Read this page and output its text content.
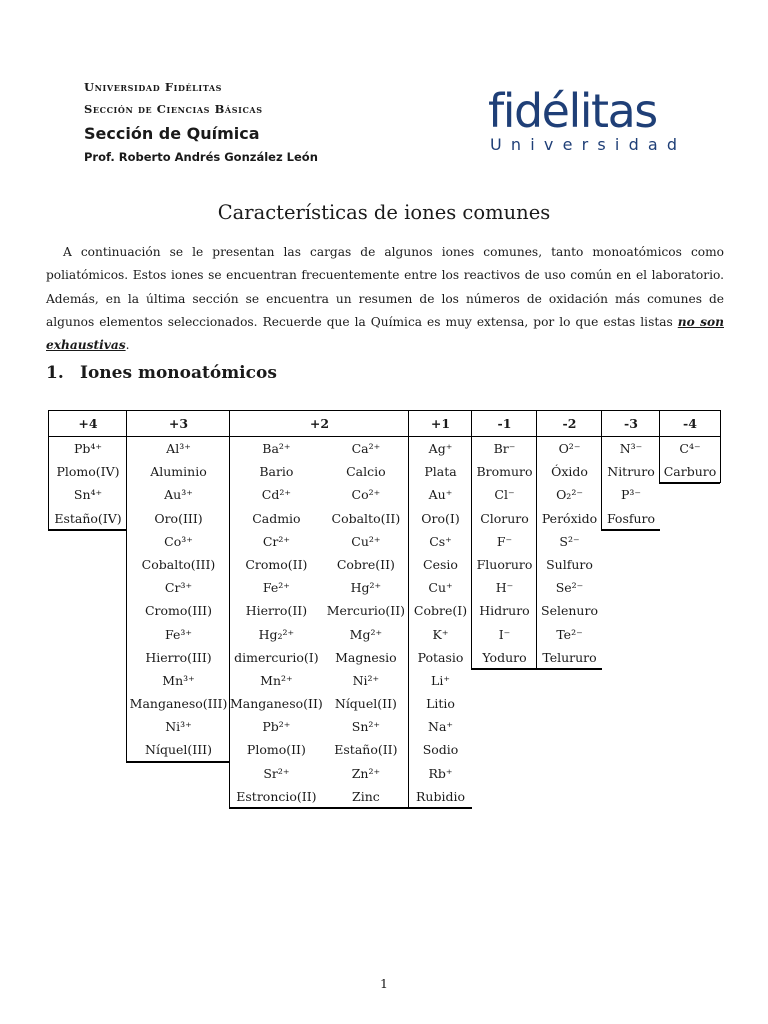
Universidad Fidélitas
Sección de Ciencias Básicas
Sección de Química
Prof. Roberto Andrés González León
fidélitas
Universidad
Características de iones comunes

A continuación se le presentan las cargas de algunos iones comunes, tanto monoatómicos como poliatómicos. Estos iones se encuentran frecuentemente entre los reactivos de uso común en el laboratorio. Además, en la última sección se encuentra un resumen de los números de oxidación más comunes de algunos elementos seleccionados. Recuerde que la Química es muy extensa, por lo que estas listas no son exhaustivas.

1. Iones monoatómicos
+4
Pb⁴⁺
Plomo(IV)
Sn⁴⁺
Estaño(IV)
+3
Al³⁺
Aluminio
Au³⁺
Oro(III)
Co³⁺
Cobalto(III)
Cr³⁺
Cromo(III)
Fe³⁺
Hierro(III)
Mn³⁺
Manganeso(III)
Ni³⁺
Níquel(III)
+2
Ba²⁺
Bario
Cd²⁺
Cadmio
Cr²⁺
Cromo(II)
Fe²⁺
Hierro(II)
Hg₂²⁺
dimercurio(I)
Mn²⁺
Manganeso(II)
Pb²⁺
Plomo(II)
Sr²⁺
Estroncio(II)
Ca²⁺
Calcio
Co²⁺
Cobalto(II)
Cu²⁺
Cobre(II)
Hg²⁺
Mercurio(II)
Mg²⁺
Magnesio
Ni²⁺
Níquel(II)
Sn²⁺
Estaño(II)
Zn²⁺
Zinc
+1
Ag⁺
Plata
Au⁺
Oro(I)
Cs⁺
Cesio
Cu⁺
Cobre(I)
K⁺
Potasio
Li⁺
Litio
Na⁺
Sodio
Rb⁺
Rubidio
-1
Br⁻
Bromuro
Cl⁻
Cloruro
F⁻
Fluoruro
H⁻
Hidruro
I⁻
Yoduro
-2
O²⁻
Óxido
O₂²⁻
Peróxido
S²⁻
Sulfuro
Se²⁻
Selenuro
Te²⁻
Telururo
-3
N³⁻
Nitruro
P³⁻
Fosfuro
-4
C⁴⁻
Carburo
1
